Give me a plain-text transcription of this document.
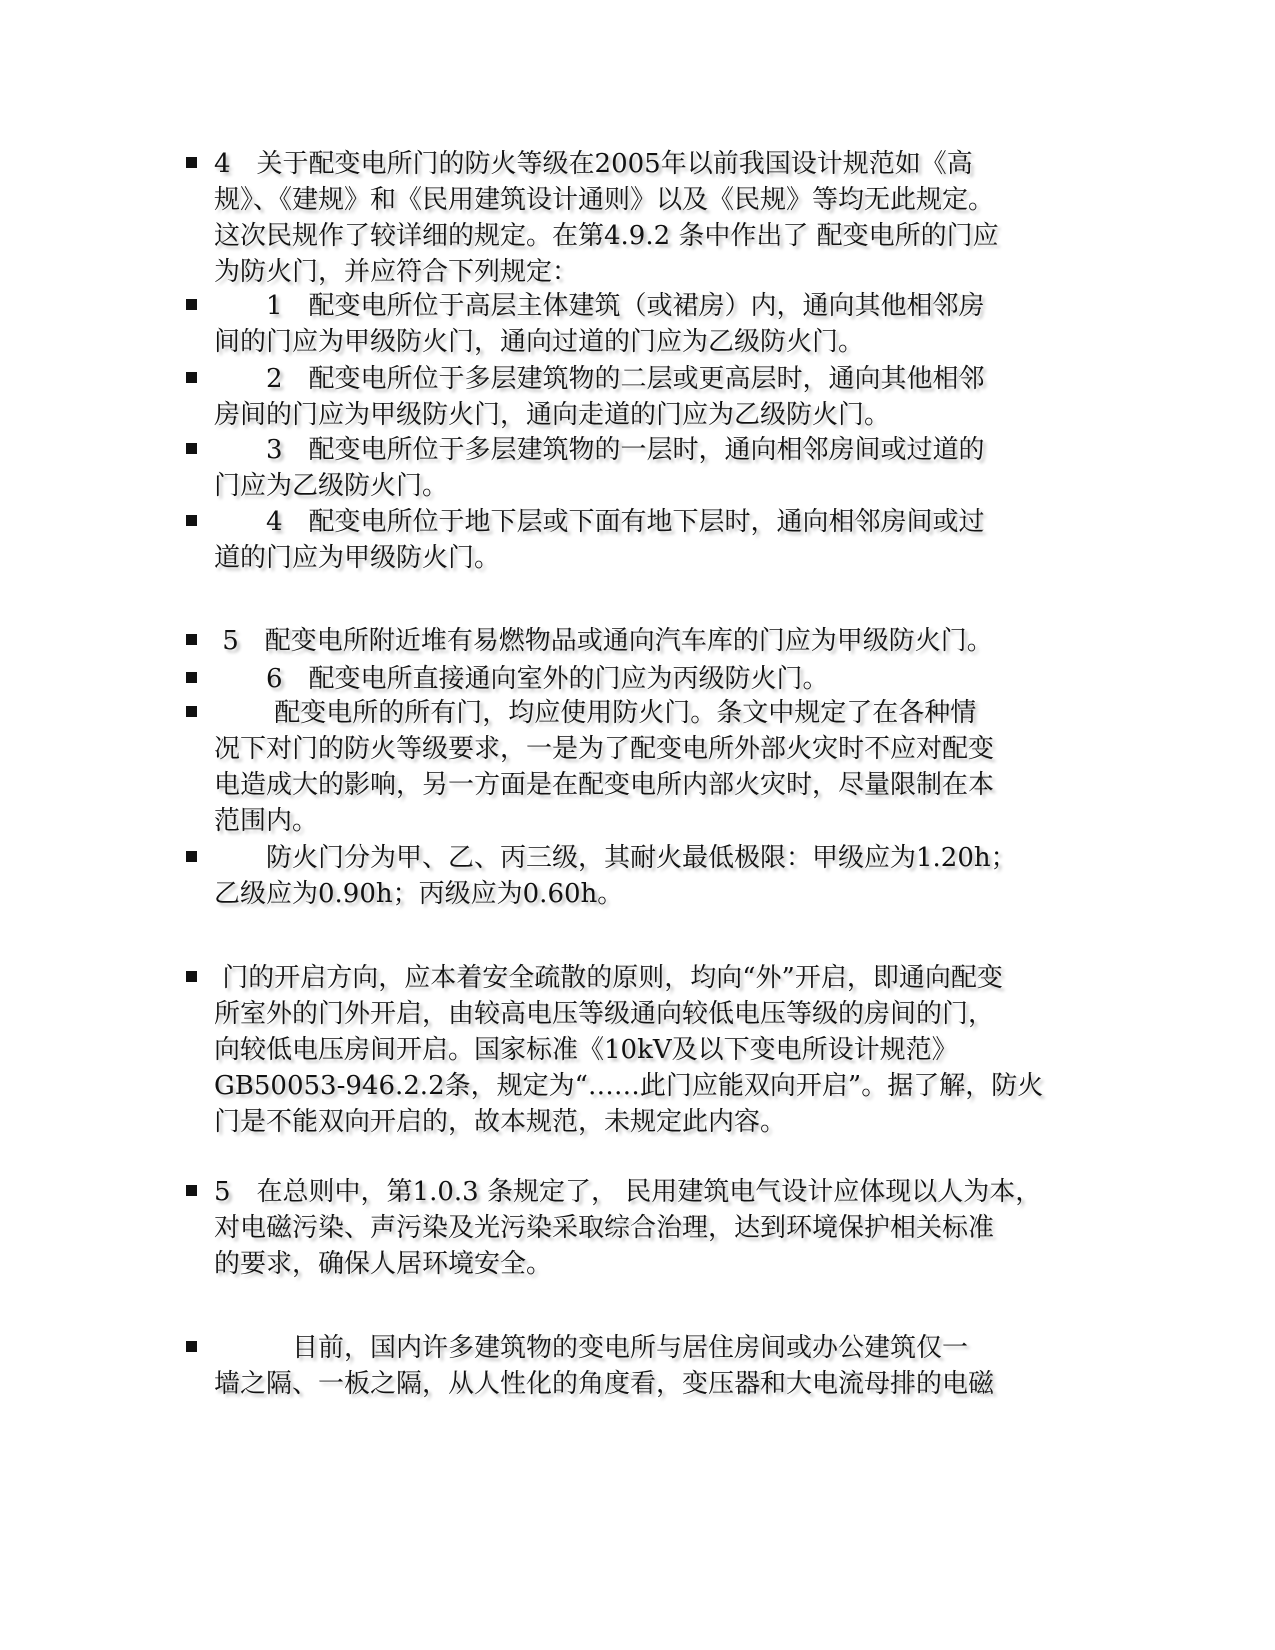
4　关于配变电所门的防火等级在2005年以前我国设计规范如《高
规》、《建规》和《民用建筑设计通则》以及《民规》等均无此规定。
这次民规作了较详细的规定。在第4.9.2 条中作出了 配变电所的门应
为防火门，并应符合下列规定：
　　1　配变电所位于高层主体建筑（或裙房）内，通向其他相邻房
间的门应为甲级防火门，通向过道的门应为乙级防火门。
　　2　配变电所位于多层建筑物的二层或更高层时，通向其他相邻
房间的门应为甲级防火门，通向走道的门应为乙级防火门。
　　3　配变电所位于多层建筑物的一层时，通向相邻房间或过道的
门应为乙级防火门。
　　4　配变电所位于地下层或下面有地下层时，通向相邻房间或过
道的门应为甲级防火门。
5　配变电所附近堆有易燃物品或通向汽车库的门应为甲级防火门。
　　6　配变电所直接通向室外的门应为丙级防火门。
　　 配变电所的所有门，均应使用防火门。条文中规定了在各种情
况下对门的防火等级要求，一是为了配变电所外部火灾时不应对配变
电造成大的影响，另一方面是在配变电所内部火灾时，尽量限制在本
范围内。
　　防火门分为甲、乙、丙三级，其耐火最低极限：甲级应为1.20h；
乙级应为0.90h；丙级应为0.60h。
门的开启方向，应本着安全疏散的原则，均向“外”开启，即通向配变
所室外的门外开启，由较高电压等级通向较低电压等级的房间的门，
向较低电压房间开启。国家标准《10kV及以下变电所设计规范》
GB50053-946.2.2条，规定为“……此门应能双向开启”。据了解，防火
门是不能双向开启的，故本规范，未规定此内容。
5　在总则中，第1.0.3 条规定了， 民用建筑电气设计应体现以人为本，
对电磁污染、声污染及光污染采取综合治理，达到环境保护相关标准
的要求，确保人居环境安全。
　　　目前，国内许多建筑物的变电所与居住房间或办公建筑仅一
墙之隔、一板之隔，从人性化的角度看，变压器和大电流母排的电磁
